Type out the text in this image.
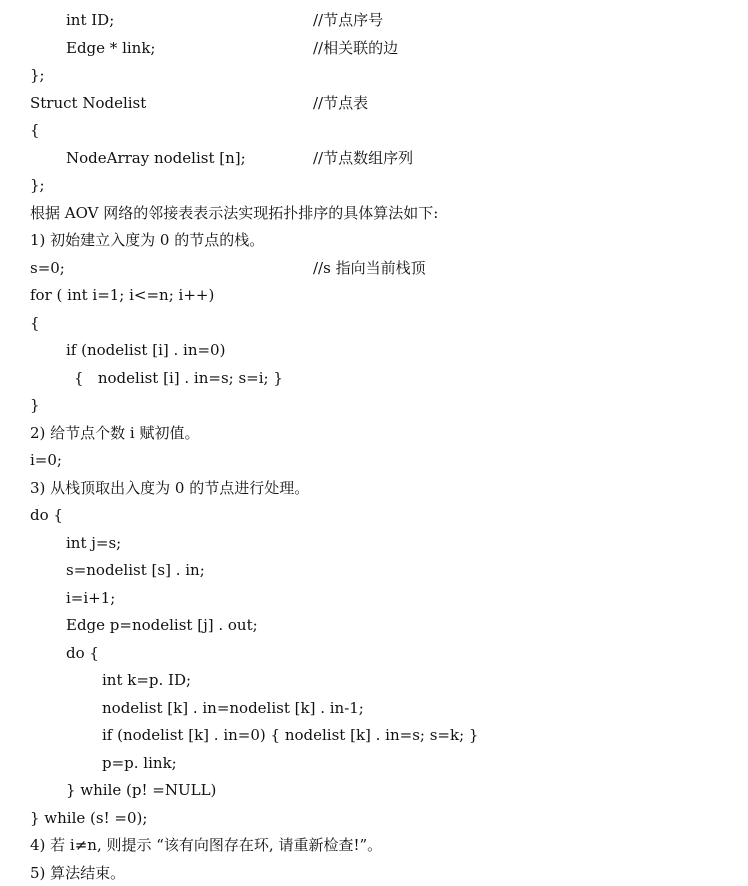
int ID;	//节点序号
Edge * link;	//相关联的边
};
Struct Nodelist	//节点表
{
NodeArray nodelist [n];	//节点数组序列
};
根据 AOV 网络的邻接表表示法实现拓扑排序的具体算法如下:
1) 初始建立入度为 0 的节点的栈。
s=0;	//s 指向当前栈顶
for ( int i=1; i<=n; i++)
{
if (nodelist [i] . in=0)
{   nodelist [i] . in=s; s=i; }
}
2) 给节点个数 i 赋初值。
i=0;
3) 从栈顶取出入度为 0 的节点进行处理。
do {
int j=s;
s=nodelist [s] . in;
i=i+1;
Edge p=nodelist [j] . out;
do {
int k=p. ID;
nodelist [k] . in=nodelist [k] . in-1;
if (nodelist [k] . in=0) { nodelist [k] . in=s; s=k; }
p=p. link;
} while (p! =NULL)
} while (s! =0);
4) 若 i≠n, 则提示 “该有向图存在环, 请重新检查!”。
5) 算法结束。
